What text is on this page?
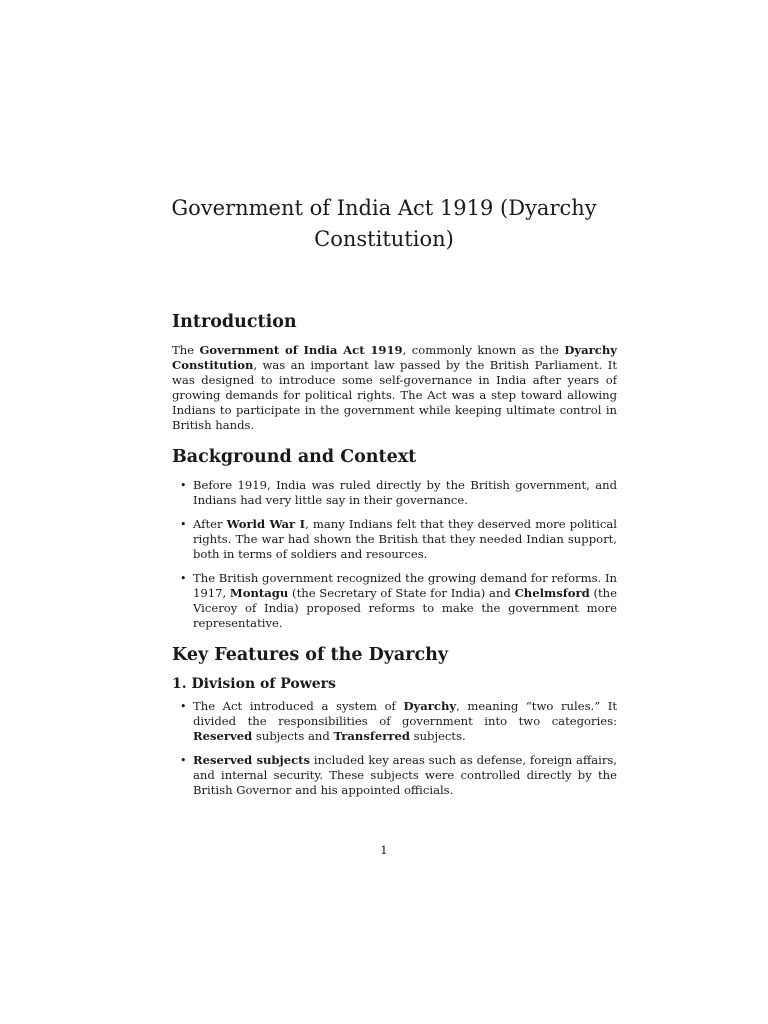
Government of India Act 1919 (Dyarchy
Constitution)
Introduction

The Government of India Act 1919, commonly known as the Dyarchy Constitution, was an important law passed by the British Parliament. It was designed to introduce some self-governance in India after years of growing demands for political rights. The Act was a step toward allowing Indians to participate in the government while keeping ultimate control in British hands.

Background and Context
• Before 1919, India was ruled directly by the British government, and Indians had very little say in their governance.
• After World War I, many Indians felt that they deserved more political rights. The war had shown the British that they needed Indian support, both in terms of soldiers and resources.
• The British government recognized the growing demand for reforms. In 1917, Montagu (the Secretary of State for India) and Chelmsford (the Viceroy of India) proposed reforms to make the government more representative.
Key Features of the Dyarchy
1. Division of Powers
• The Act introduced a system of Dyarchy, meaning “two rules.” It divided the responsibilities of government into two categories: Reserved subjects and Transferred subjects.
• Reserved subjects included key areas such as defense, foreign affairs, and internal security. These subjects were controlled directly by the British Governor and his appointed officials.
1
